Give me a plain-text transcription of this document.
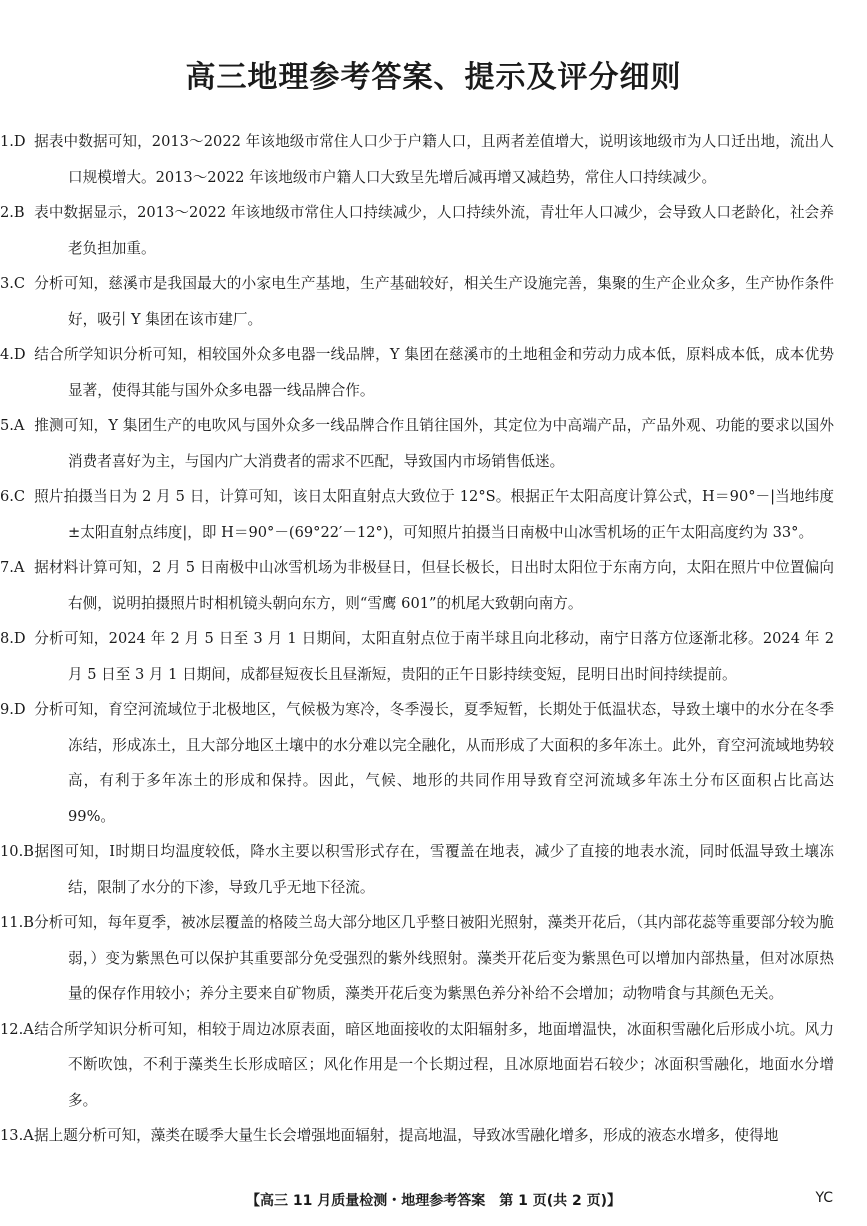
高三地理参考答案、提示及评分细则
1.D 据表中数据可知，2013～2022 年该地级市常住人口少于户籍人口，且两者差值增大，说明该地级市为人口迁出地，流出人口规模增大。2013～2022 年该地级市户籍人口大致呈先增后减再增又减趋势，常住人口持续减少。
2.B 表中数据显示，2013～2022 年该地级市常住人口持续减少，人口持续外流，青壮年人口减少，会导致人口老龄化，社会养老负担加重。
3.C 分析可知，慈溪市是我国最大的小家电生产基地，生产基础较好，相关生产设施完善，集聚的生产企业众多，生产协作条件好，吸引 Y 集团在该市建厂。
4.D 结合所学知识分析可知，相较国外众多电器一线品牌，Y 集团在慈溪市的土地租金和劳动力成本低，原料成本低，成本优势显著，使得其能与国外众多电器一线品牌合作。
5.A 推测可知，Y 集团生产的电吹风与国外众多一线品牌合作且销往国外，其定位为中高端产品，产品外观、功能的要求以国外消费者喜好为主，与国内广大消费者的需求不匹配，导致国内市场销售低迷。
6.C 照片拍摄当日为 2 月 5 日，计算可知，该日太阳直射点大致位于 12°S。根据正午太阳高度计算公式，H＝90°－|当地纬度±太阳直射点纬度|，即 H＝90°－(69°22′－12°)，可知照片拍摄当日南极中山冰雪机场的正午太阳高度约为 33°。
7.A 据材料计算可知，2 月 5 日南极中山冰雪机场为非极昼日，但昼长极长，日出时太阳位于东南方向，太阳在照片中位置偏向右侧，说明拍摄照片时相机镜头朝向东方，则“雪鹰 601”的机尾大致朝向南方。
8.D 分析可知，2024 年 2 月 5 日至 3 月 1 日期间，太阳直射点位于南半球且向北移动，南宁日落方位逐渐北移。2024 年 2 月 5 日至 3 月 1 日期间，成都昼短夜长且昼渐短，贵阳的正午日影持续变短，昆明日出时间持续提前。
9.D 分析可知，育空河流域位于北极地区，气候极为寒冷，冬季漫长，夏季短暂，长期处于低温状态，导致土壤中的水分在冬季冻结，形成冻土，且大部分地区土壤中的水分难以完全融化，从而形成了大面积的多年冻土。此外，育空河流域地势较高，有利于多年冻土的形成和保持。因此，气候、地形的共同作用导致育空河流域多年冻土分布区面积占比高达 99%。
10.B据图可知，Ⅰ时期日均温度较低，降水主要以积雪形式存在，雪覆盖在地表，减少了直接的地表水流，同时低温导致土壤冻结，限制了水分的下渗，导致几乎无地下径流。
11.B分析可知，每年夏季，被冰层覆盖的格陵兰岛大部分地区几乎整日被阳光照射，藻类开花后，（其内部花蕊等重要部分较为脆弱，）变为紫黑色可以保护其重要部分免受强烈的紫外线照射。藻类开花后变为紫黑色可以增加内部热量，但对冰原热量的保存作用较小；养分主要来自矿物质，藻类开花后变为紫黑色养分补给不会增加；动物啃食与其颜色无关。
12.A结合所学知识分析可知，相较于周边冰原表面，暗区地面接收的太阳辐射多，地面增温快，冰面积雪融化后形成小坑。风力不断吹蚀，不利于藻类生长形成暗区；风化作用是一个长期过程，且冰原地面岩石较少；冰面积雪融化，地面水分增多。
13.A据上题分析可知，藻类在暖季大量生长会增强地面辐射，提高地温，导致冰雪融化增多，形成的液态水增多，使得地
【高三 11 月质量检测・地理参考答案　第 1 页(共 2 页)】	YC
